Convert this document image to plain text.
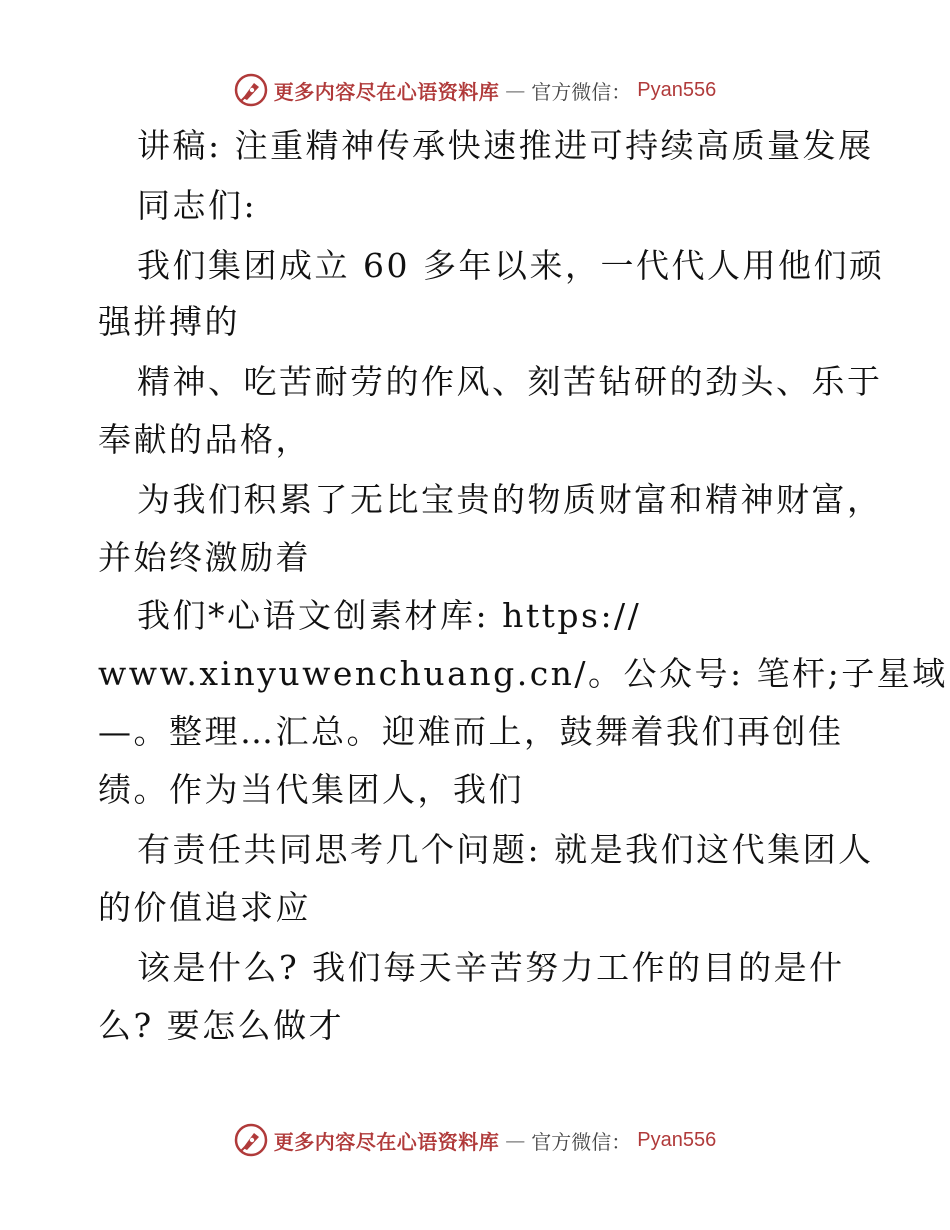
更多内容尽在心语资料库 — 官方微信： Pyan556
讲稿: 注重精神传承快速推进可持续高质量发展
同志们:
我们集团成立 60 多年以来，一代代人用他们顽
强拼搏的
精神、吃苦耐劳的作风、刻苦钻研的劲头、乐于
奉献的品格，
为我们积累了无比宝贵的物质财富和精神财富，
并始终激励着
我们*心语文创素材库: https://
www.xinyuwenchuang.cn/。公众号: 笔杆;子星域
—。整理…汇总。迎难而上，鼓舞着我们再创佳
绩。作为当代集团人，我们
有责任共同思考几个问题: 就是我们这代集团人
的价值追求应
该是什么? 我们每天辛苦努力工作的目的是什
么? 要怎么做才
更多内容尽在心语资料库 — 官方微信： Pyan556
